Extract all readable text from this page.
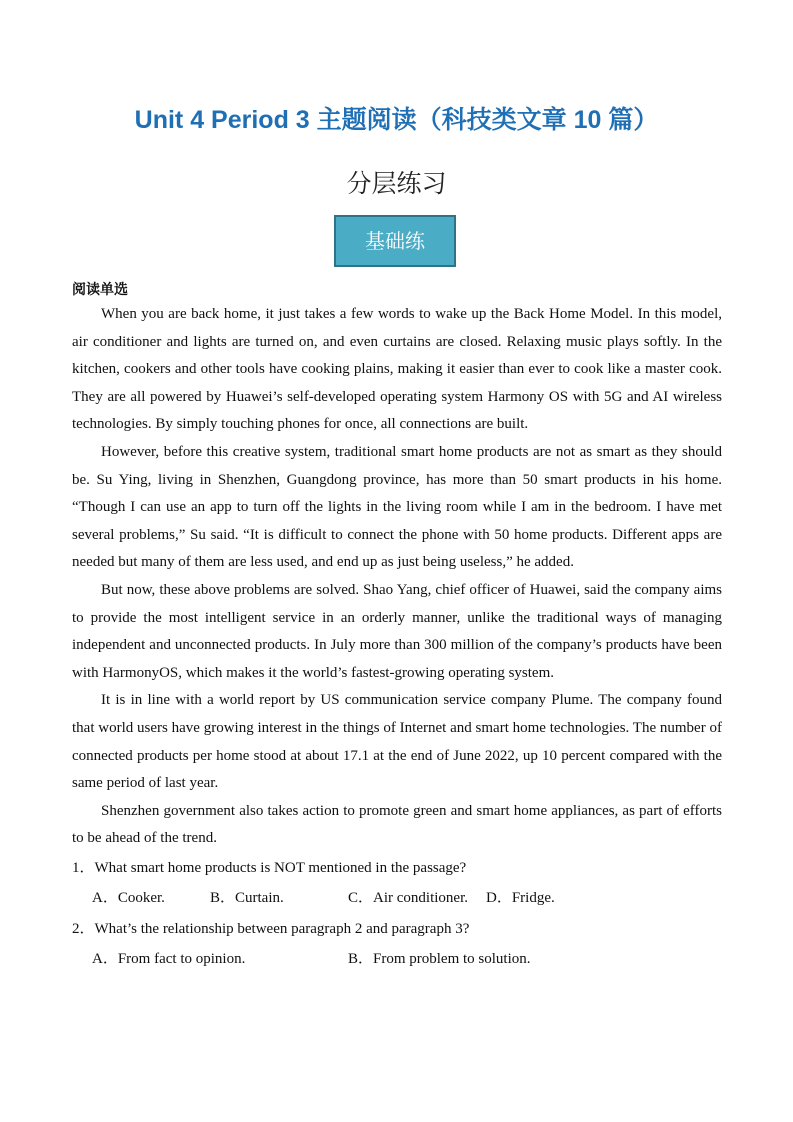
Unit 4 Period 3 主题阅读（科技类文章 10 篇）
分层练习
基础练

阅读单选

When you are back home, it just takes a few words to wake up the Back Home Model. In this model, air conditioner and lights are turned on, and even curtains are closed. Relaxing music plays softly. In the kitchen, cookers and other tools have cooking plains, making it easier than ever to cook like a master cook. They are all powered by Huawei’s self-developed operating system Harmony OS with 5G and AI wireless technologies. By simply touching phones for once, all connections are built.

However, before this creative system, traditional smart home products are not as smart as they should be. Su Ying, living in Shenzhen, Guangdong province, has more than 50 smart products in his home. “Though I can use an app to turn off the lights in the living room while I am in the bedroom. I have met several problems,” Su said. “It is difficult to connect the phone with 50 home products. Different apps are needed but many of them are less used, and end up as just being useless,” he added.

But now, these above problems are solved. Shao Yang, chief officer of Huawei, said the company aims to provide the most intelligent service in an orderly manner, unlike the traditional ways of managing independent and unconnected products. In July more than 300 million of the company’s products have been with HarmonyOS, which makes it the world’s fastest-growing operating system.

It is in line with a world report by US communication service company Plume. The company found that world users have growing interest in the things of Internet and smart home technologies. The number of connected products per home stood at about 17.1 at the end of June 2022, up 10 percent compared with the same period of last year.

Shenzhen government also takes action to promote green and smart home appliances, as part of efforts to be ahead of the trend.

1．What smart home products is NOT mentioned in the passage?

A．Cooker.	B．Curtain.	C．Air conditioner. D．Fridge.

2．What’s the relationship between paragraph 2 and paragraph 3?

A．From fact to opinion.	B．From problem to solution.
